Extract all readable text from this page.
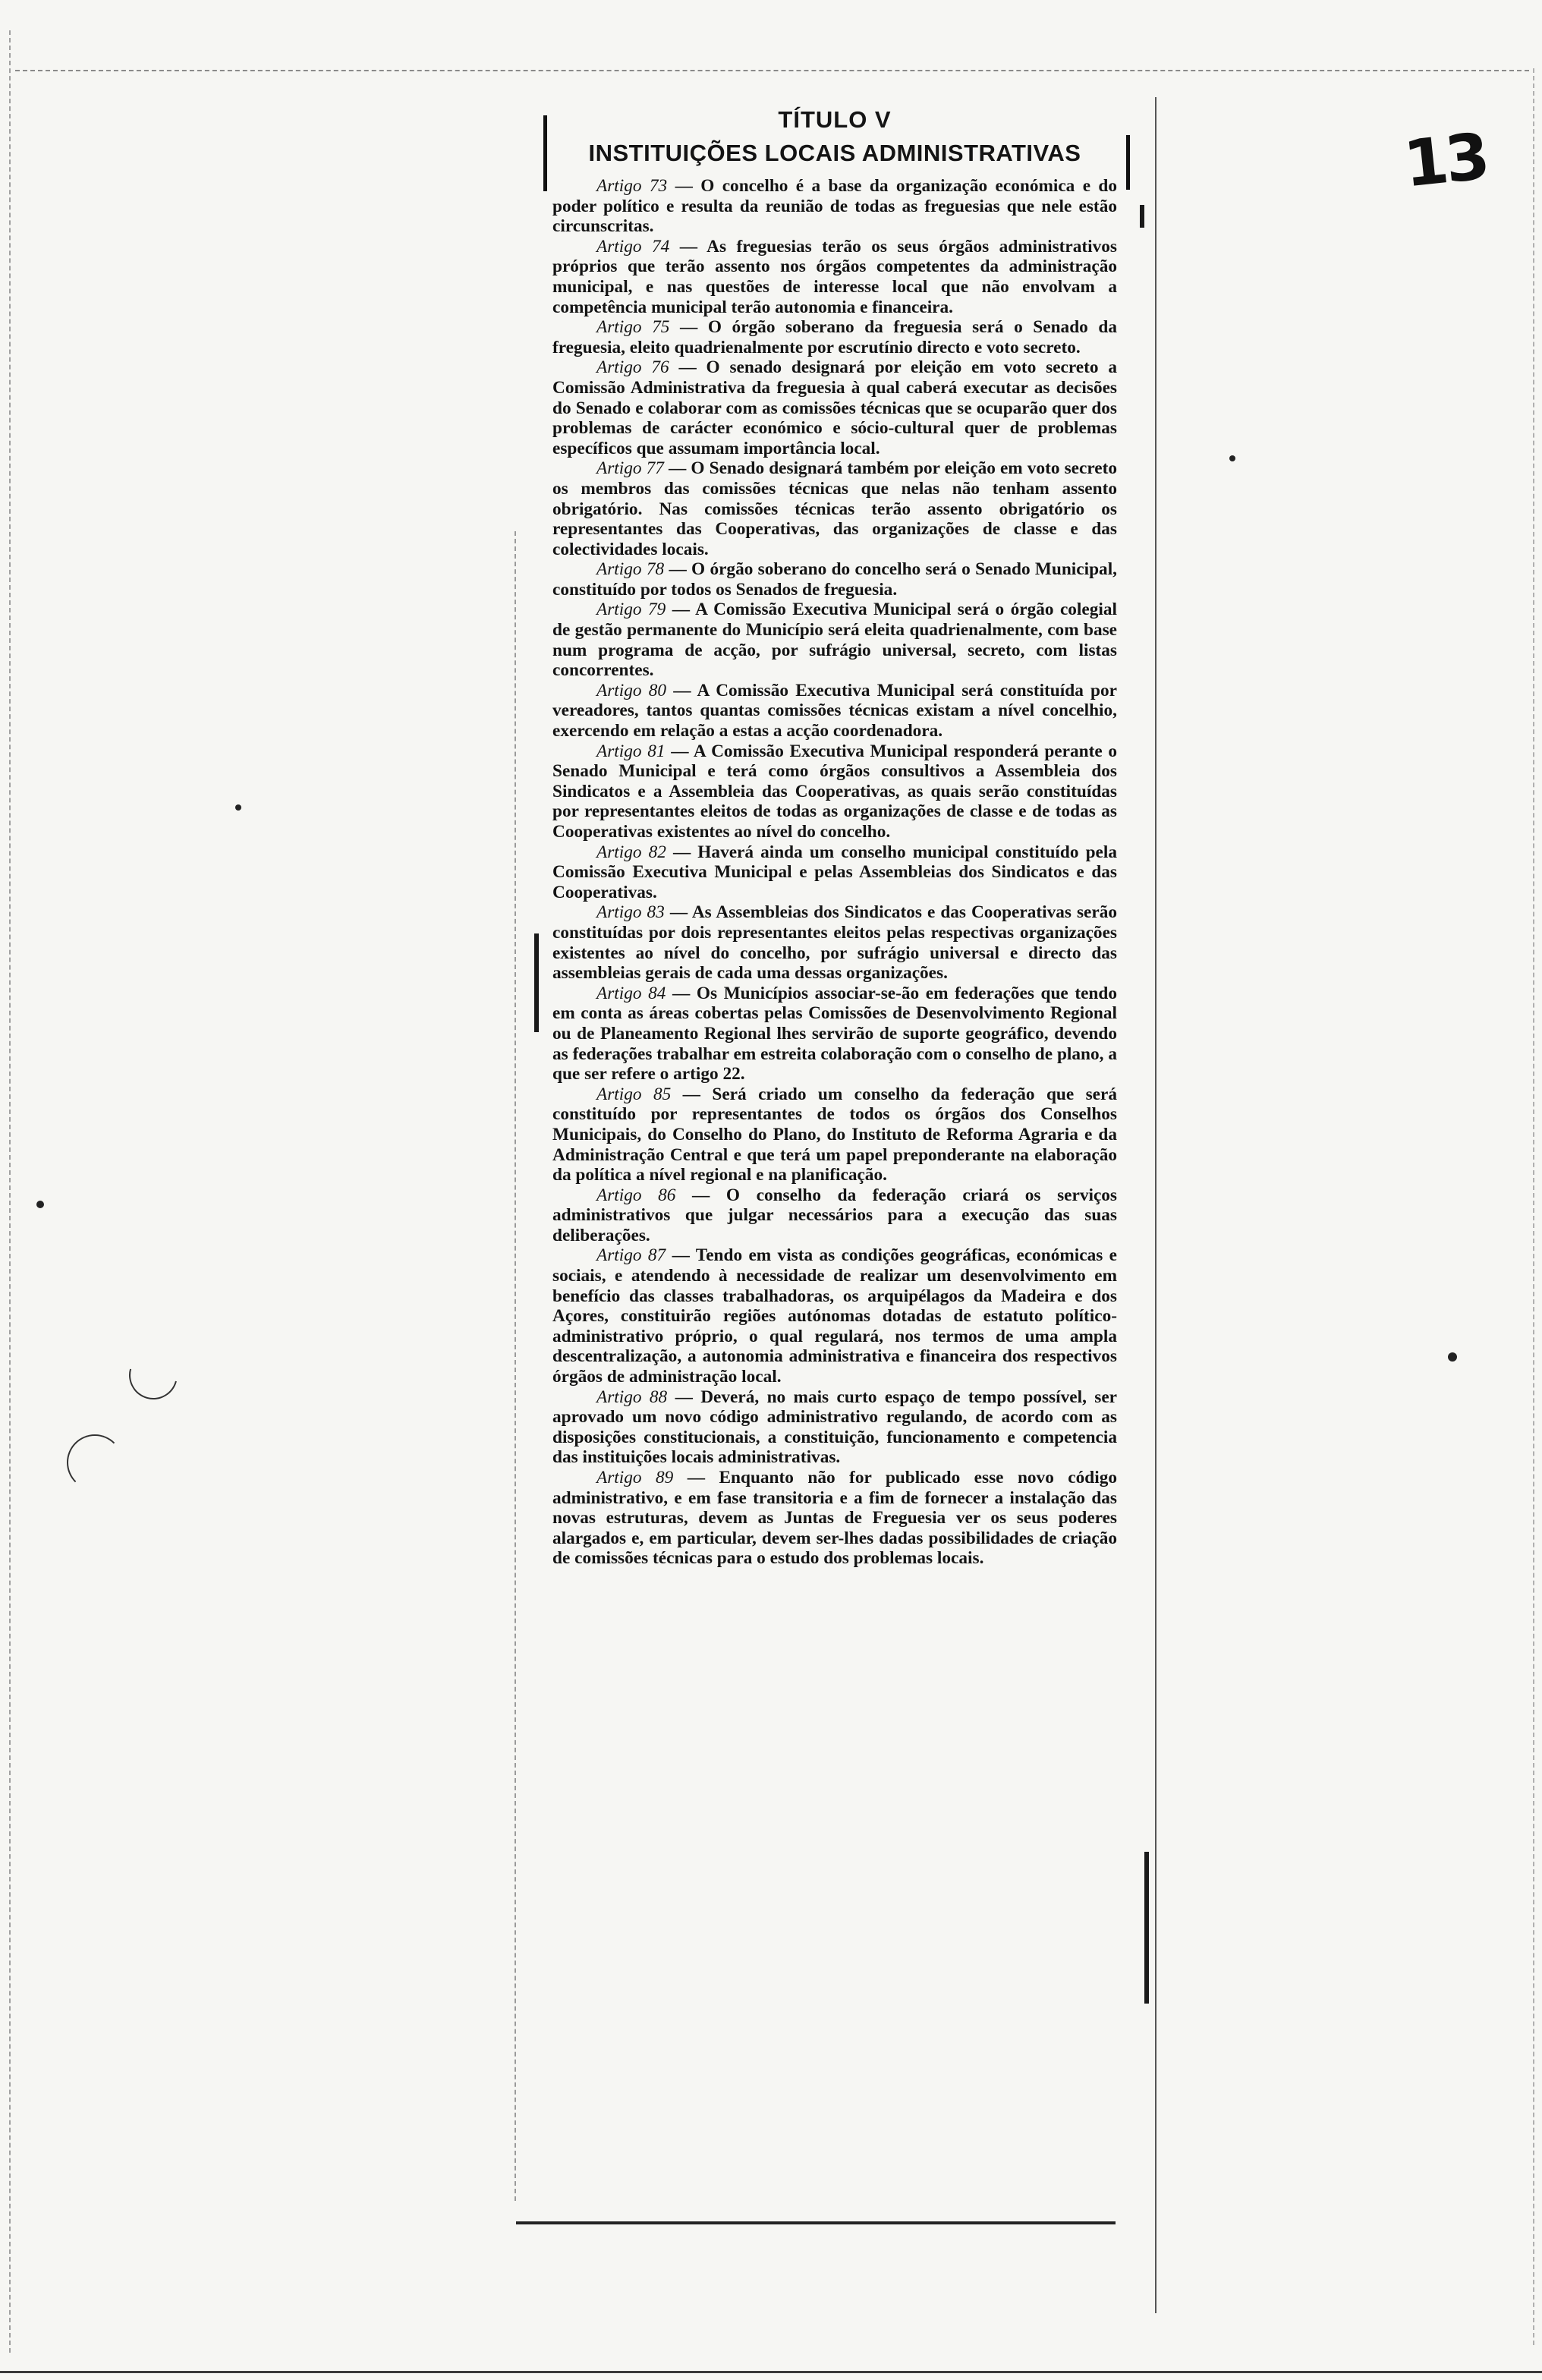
13
TÍTULO V
INSTITUIÇÕES LOCAIS ADMINISTRATIVAS

Artigo 73 — O concelho é a base da organização económica e do poder político e resulta da reunião de todas as freguesias que nele estão circunscritas.

Artigo 74 — As freguesias terão os seus órgãos administrativos próprios que terão assento nos órgãos competentes da administração municipal, e nas questões de interesse local que não envolvam a competência municipal terão autonomia e financeira.

Artigo 75 — O órgão soberano da freguesia será o Senado da freguesia, eleito quadrienalmente por escrutínio directo e voto secreto.

Artigo 76 — O senado designará por eleição em voto secreto a Comissão Administrativa da freguesia à qual caberá executar as decisões do Senado e colaborar com as comissões técnicas que se ocuparão quer dos problemas de carácter económico e sócio-cultural quer de problemas específicos que assumam importância local.

Artigo 77 — O Senado designará também por eleição em voto secreto os membros das comissões técnicas que nelas não tenham assento obrigatório. Nas comissões técnicas terão assento obrigatório os representantes das Cooperativas, das organizações de classe e das colectividades locais.

Artigo 78 — O órgão soberano do concelho será o Senado Municipal, constituído por todos os Senados de freguesia.

Artigo 79 — A Comissão Executiva Municipal será o órgão colegial de gestão permanente do Município será eleita quadrienalmente, com base num programa de acção, por sufrágio universal, secreto, com listas concorrentes.

Artigo 80 — A Comissão Executiva Municipal será constituída por vereadores, tantos quantas comissões técnicas existam a nível concelhio, exercendo em relação a estas a acção coordenadora.

Artigo 81 — A Comissão Executiva Municipal responderá perante o Senado Municipal e terá como órgãos consultivos a Assembleia dos Sindicatos e a Assembleia das Cooperativas, as quais serão constituídas por representantes eleitos de todas as organizações de classe e de todas as Cooperativas existentes ao nível do concelho.

Artigo 82 — Haverá ainda um conselho municipal constituído pela Comissão Executiva Municipal e pelas Assembleias dos Sindicatos e das Cooperativas.

Artigo 83 — As Assembleias dos Sindicatos e das Cooperativas serão constituídas por dois representantes eleitos pelas respectivas organizações existentes ao nível do concelho, por sufrágio universal e directo das assembleias gerais de cada uma dessas organizações.

Artigo 84 — Os Municípios associar-se-ão em federações que tendo em conta as áreas cobertas pelas Comissões de Desenvolvimento Regional ou de Planeamento Regional lhes servirão de suporte geográfico, devendo as federações trabalhar em estreita colaboração com o conselho de plano, a que ser refere o artigo 22.

Artigo 85 — Será criado um conselho da federação que será constituído por representantes de todos os órgãos dos Conselhos Municipais, do Conselho do Plano, do Instituto de Reforma Agraria e da Administração Central e que terá um papel preponderante na elaboração da política a nível regional e na planificação.

Artigo 86 — O conselho da federação criará os serviços administrativos que julgar necessários para a execução das suas deliberações.

Artigo 87 — Tendo em vista as condições geográficas, económicas e sociais, e atendendo à necessidade de realizar um desenvolvimento em benefício das classes trabalhadoras, os arquipélagos da Madeira e dos Açores, constituirão regiões autónomas dotadas de estatuto político-administrativo próprio, o qual regulará, nos termos de uma ampla descentralização, a autonomia administrativa e financeira dos respectivos órgãos de administração local.

Artigo 88 — Deverá, no mais curto espaço de tempo possível, ser aprovado um novo código administrativo regulando, de acordo com as disposições constitucionais, a constituição, funcionamento e competencia das instituições locais administrativas.

Artigo 89 — Enquanto não for publicado esse novo código administrativo, e em fase transitoria e a fim de fornecer a instalação das novas estruturas, devem as Juntas de Freguesia ver os seus poderes alargados e, em particular, devem ser-lhes dadas possibilidades de criação de comissões técnicas para o estudo dos problemas locais.
